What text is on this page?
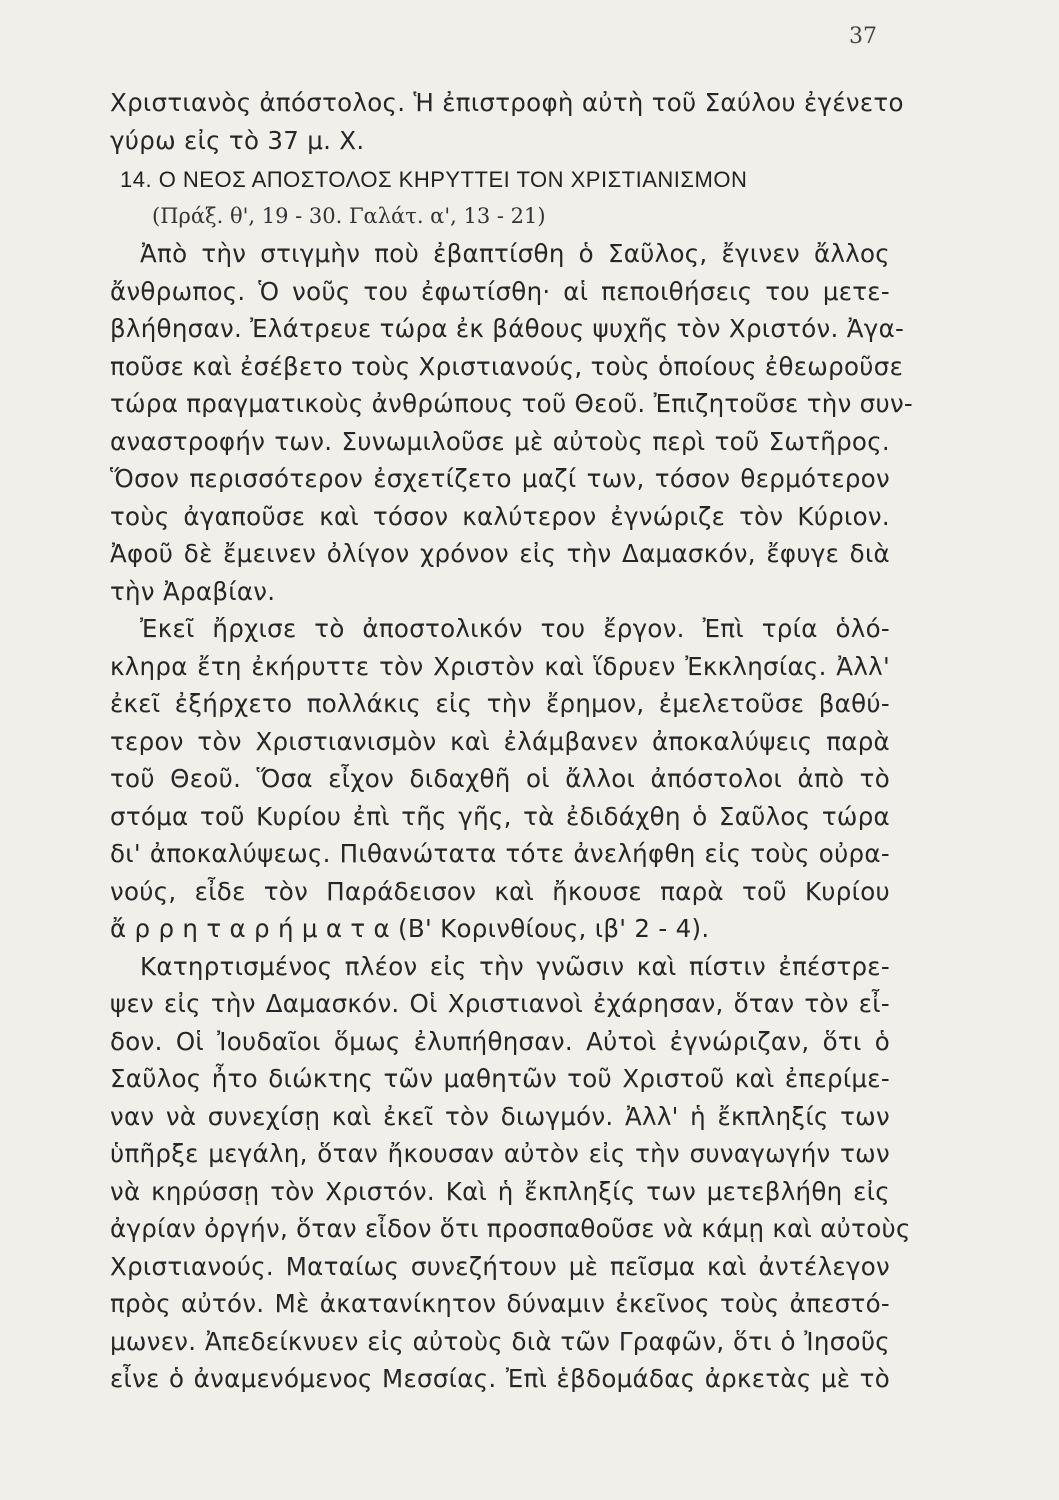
37
Χριστιανὸς ἀπόστολος. Ἡ ἐπιστροφὴ αὐτὴ τοῦ Σαύλου ἐγένετο
γύρω εἰς τὸ 37 μ. Χ.
14. Ο ΝΕΟΣ ΑΠΟΣΤΟΛΟΣ ΚΗΡΥΤΤΕΙ ΤΟΝ ΧΡΙΣΤΙΑΝΙΣΜΟΝ
(Πράξ. θ', 19 - 30. Γαλάτ. α', 13 - 21)
Ἀπὸ τὴν στιγμὴν ποὺ ἐβαπτίσθη ὁ Σαῦλος, ἔγινεν ἄλλος
ἄνθρωπος. Ὁ νοῦς του ἐφωτίσθη· αἱ πεποιθήσεις του μετε-
βλήθησαν. Ἐλάτρευε τώρα ἐκ βάθους ψυχῆς τὸν Χριστόν. Ἀγα-
ποῦσε καὶ ἐσέβετο τοὺς Χριστιανούς, τοὺς ὁποίους ἐθεωροῦσε
τώρα πραγματικοὺς ἀνθρώπους τοῦ Θεοῦ. Ἐπιζητοῦσε τὴν συν-
αναστροφήν των. Συνωμιλοῦσε μὲ αὐτοὺς περὶ τοῦ Σωτῆρος.
Ὅσον περισσότερον ἐσχετίζετο μαζί των, τόσον θερμότερον
τοὺς ἀγαποῦσε καὶ τόσον καλύτερον ἐγνώριζε τὸν Κύριον.
Ἀφοῦ δὲ ἔμεινεν ὀλίγον χρόνον εἰς τὴν Δαμασκόν, ἔφυγε διὰ
τὴν Ἀραβίαν.
Ἐκεῖ ἤρχισε τὸ ἀποστολικόν του ἔργον. Ἐπὶ τρία ὁλό-
κληρα ἔτη ἐκήρυττε τὸν Χριστὸν καὶ ἵδρυεν Ἐκκλησίας. Ἀλλ'
ἐκεῖ ἐξήρχετο πολλάκις εἰς τὴν ἔρημον, ἐμελετοῦσε βαθύ-
τερον τὸν Χριστιανισμὸν καὶ ἐλάμβανεν ἀποκαλύψεις παρὰ
τοῦ Θεοῦ. Ὅσα εἶχον διδαχθῆ οἱ ἄλλοι ἀπόστολοι ἀπὸ τὸ
στόμα τοῦ Κυρίου ἐπὶ τῆς γῆς, τὰ ἐδιδάχθη ὁ Σαῦλος τώρα
δι' ἀποκαλύψεως. Πιθανώτατα τότε ἀνελήφθη εἰς τοὺς οὐρα-
νούς, εἶδε τὸν Παράδεισον καὶ ἤκουσε παρὰ τοῦ Κυρίου
ἄ ρ ρ η τ α ρ ή μ α τ α (Β' Κορινθίους, ιβ' 2 - 4).
Κατηρτισμένος πλέον εἰς τὴν γνῶσιν καὶ πίστιν ἐπέστρε-
ψεν εἰς τὴν Δαμασκόν. Οἱ Χριστιανοὶ ἐχάρησαν, ὅταν τὸν εἶ-
δον. Οἱ Ἰουδαῖοι ὅμως ἐλυπήθησαν. Αὐτοὶ ἐγνώριζαν, ὅτι ὁ
Σαῦλος ἦτο διώκτης τῶν μαθητῶν τοῦ Χριστοῦ καὶ ἐπερίμε-
ναν νὰ συνεχίσῃ καὶ ἐκεῖ τὸν διωγμόν. Ἀλλ' ἡ ἔκπληξίς των
ὑπῆρξε μεγάλη, ὅταν ἤκουσαν αὐτὸν εἰς τὴν συναγωγήν των
νὰ κηρύσσῃ τὸν Χριστόν. Καὶ ἡ ἔκπληξίς των μετεβλήθη εἰς
ἀγρίαν ὀργήν, ὅταν εἶδον ὅτι προσπαθοῦσε νὰ κάμῃ καὶ αὐτοὺς
Χριστιανούς. Ματαίως συνεζήτουν μὲ πεῖσμα καὶ ἀντέλεγον
πρὸς αὐτόν. Μὲ ἀκατανίκητον δύναμιν ἐκεῖνος τοὺς ἀπεστό-
μωνεν. Ἀπεδείκνυεν εἰς αὐτοὺς διὰ τῶν Γραφῶν, ὅτι ὁ Ἰησοῦς
εἶνε ὁ ἀναμενόμενος Μεσσίας. Ἐπὶ ἑβδομάδας ἀρκετὰς μὲ τὸ
